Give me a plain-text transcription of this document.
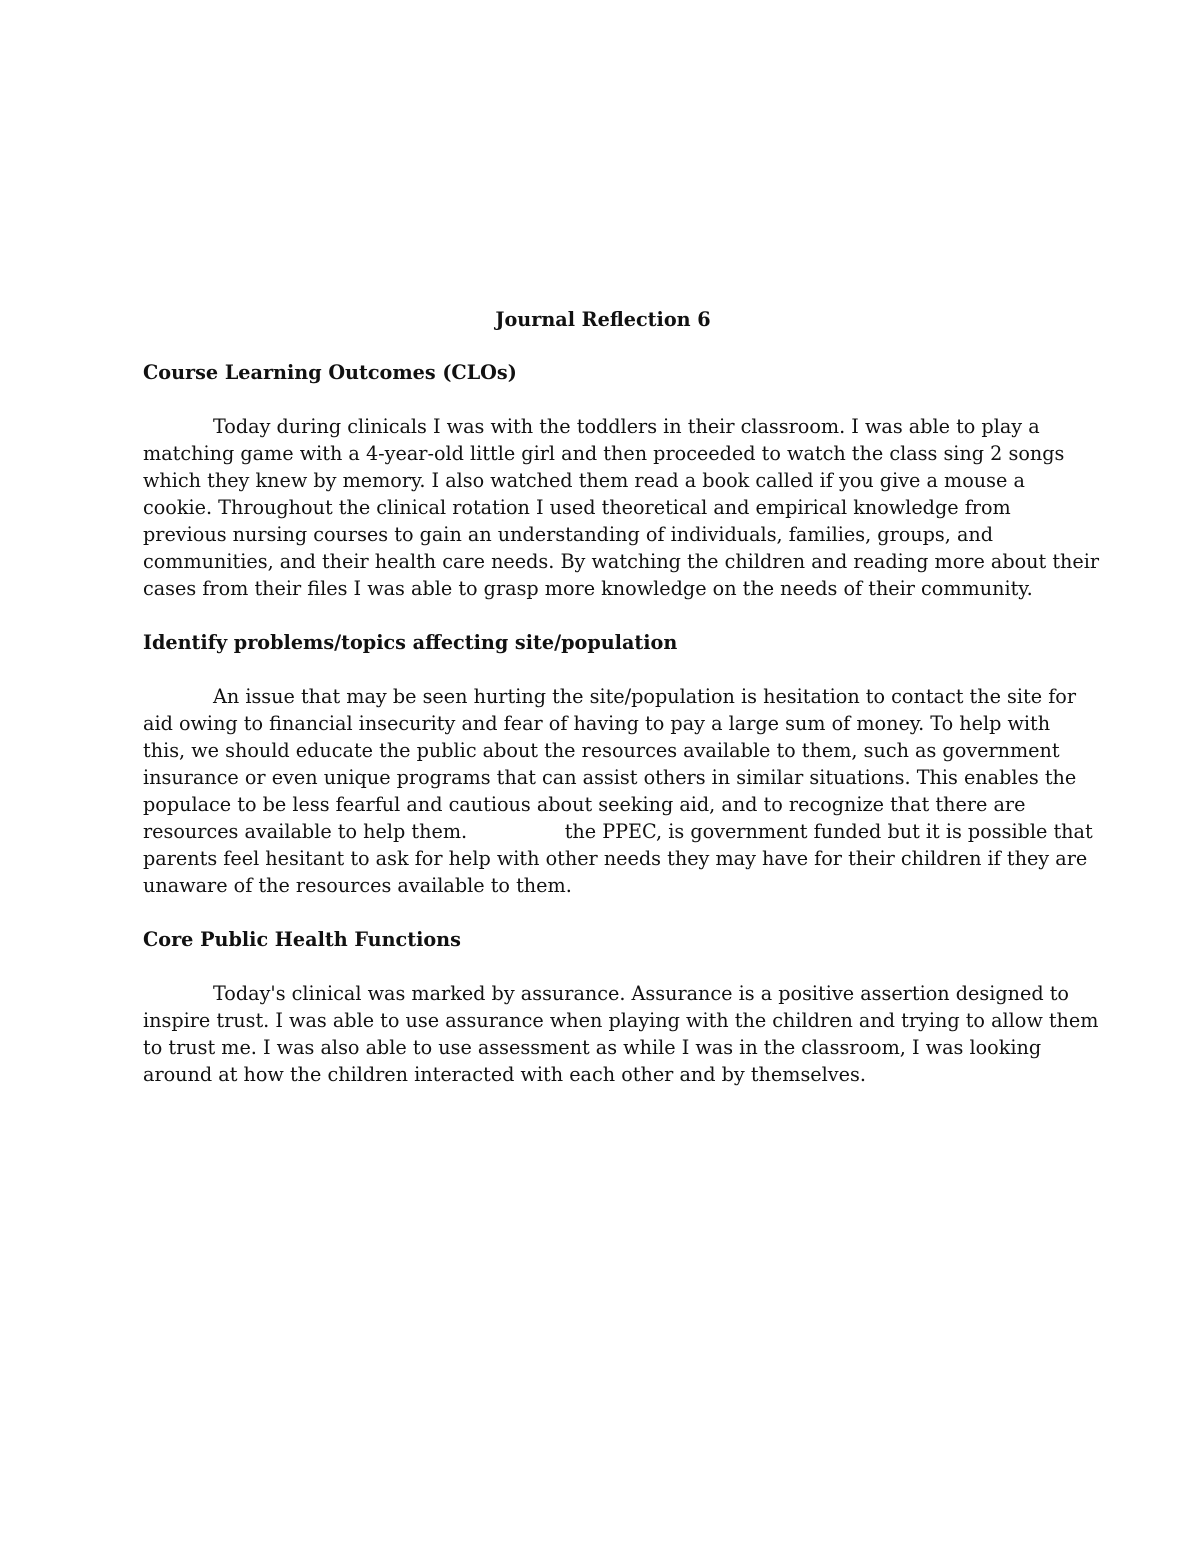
Journal Reflection 6
Course Learning Outcomes (CLOs)
Today during clinicals I was with the toddlers in their classroom. I was able to play a
matching game with a 4-year-old little girl and then proceeded to watch the class sing 2 songs
which they knew by memory. I also watched them read a book called if you give a mouse a
cookie. Throughout the clinical rotation I used theoretical and empirical knowledge from
previous nursing courses to gain an understanding of individuals, families, groups, and
communities, and their health care needs. By watching the children and reading more about their
cases from their files I was able to grasp more knowledge on the needs of their community.
Identify problems/topics affecting site/population
An issue that may be seen hurting the site/population is hesitation to contact the site for
aid owing to financial insecurity and fear of having to pay a large sum of money. To help with
this, we should educate the public about the resources available to them, such as government
insurance or even unique programs that can assist others in similar situations. This enables the
populace to be less fearful and cautious about seeking aid, and to recognize that there are
resources available to help them.                the PPEC, is government funded but it is possible that
parents feel hesitant to ask for help with other needs they may have for their children if they are
unaware of the resources available to them.
Core Public Health Functions
Today's clinical was marked by assurance. Assurance is a positive assertion designed to
inspire trust. I was able to use assurance when playing with the children and trying to allow them
to trust me. I was also able to use assessment as while I was in the classroom, I was looking
around at how the children interacted with each other and by themselves.
